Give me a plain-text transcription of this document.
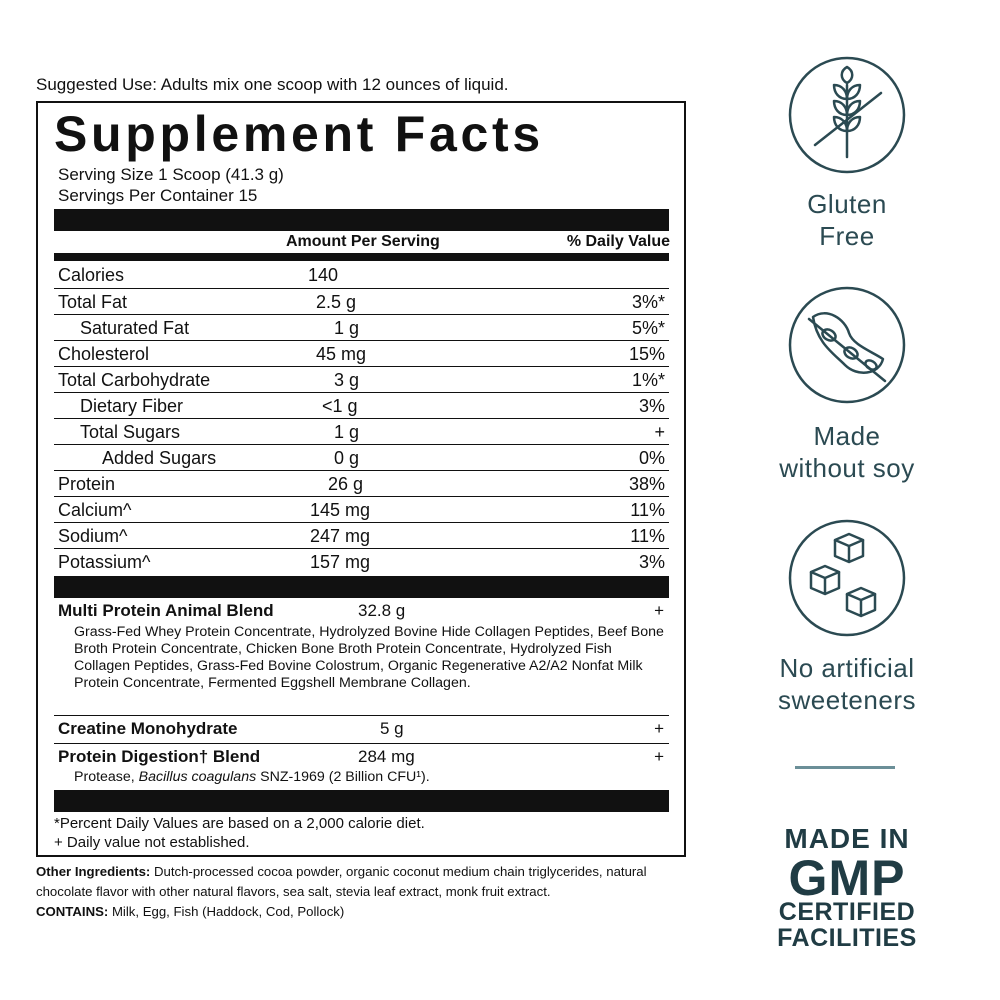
Suggested Use: Adults mix one scoop with 12 ounces of liquid.
Supplement Facts
Serving Size 1 Scoop (41.3 g)
Servings Per Container 15
Amount Per Serving	% Daily Value
Calories	140
Total Fat	2.5 g	3%*
Saturated Fat	1 g	5%*
Cholesterol	45 mg	15%
Total Carbohydrate	3 g	1%*
Dietary Fiber	<1 g	3%
Total Sugars	1 g	+
Added Sugars	0 g	0%
Protein	26 g	38%
Calcium^	145 mg	11%
Sodium^	247 mg	11%
Potassium^	157 mg	3%
Multi Protein Animal Blend	32.8 g	+
Grass-Fed Whey Protein Concentrate, Hydrolyzed Bovine Hide Collagen Peptides, Beef Bone Broth Protein Concentrate, Chicken Bone Broth Protein Concentrate, Hydrolyzed Fish Collagen Peptides, Grass-Fed Bovine Colostrum, Organic Regenerative A2/A2 Nonfat Milk Protein Concentrate, Fermented Eggshell Membrane Collagen.
Creatine Monohydrate	5 g	+
Protein Digestion† Blend	284 mg	+
Protease, Bacillus coagulans SNZ-1969 (2 Billion CFU¹).
*Percent Daily Values are based on a 2,000 calorie diet.
+ Daily value not established.
Other Ingredients: Dutch-processed cocoa powder, organic coconut medium chain triglycerides, natural chocolate flavor with other natural flavors, sea salt, stevia leaf extract, monk fruit extract.
CONTAINS: Milk, Egg, Fish (Haddock, Cod, Pollock)
Gluten
Free
Made
without soy
No artificial
sweeteners
MADE IN
GMP
CERTIFIED
FACILITIES
